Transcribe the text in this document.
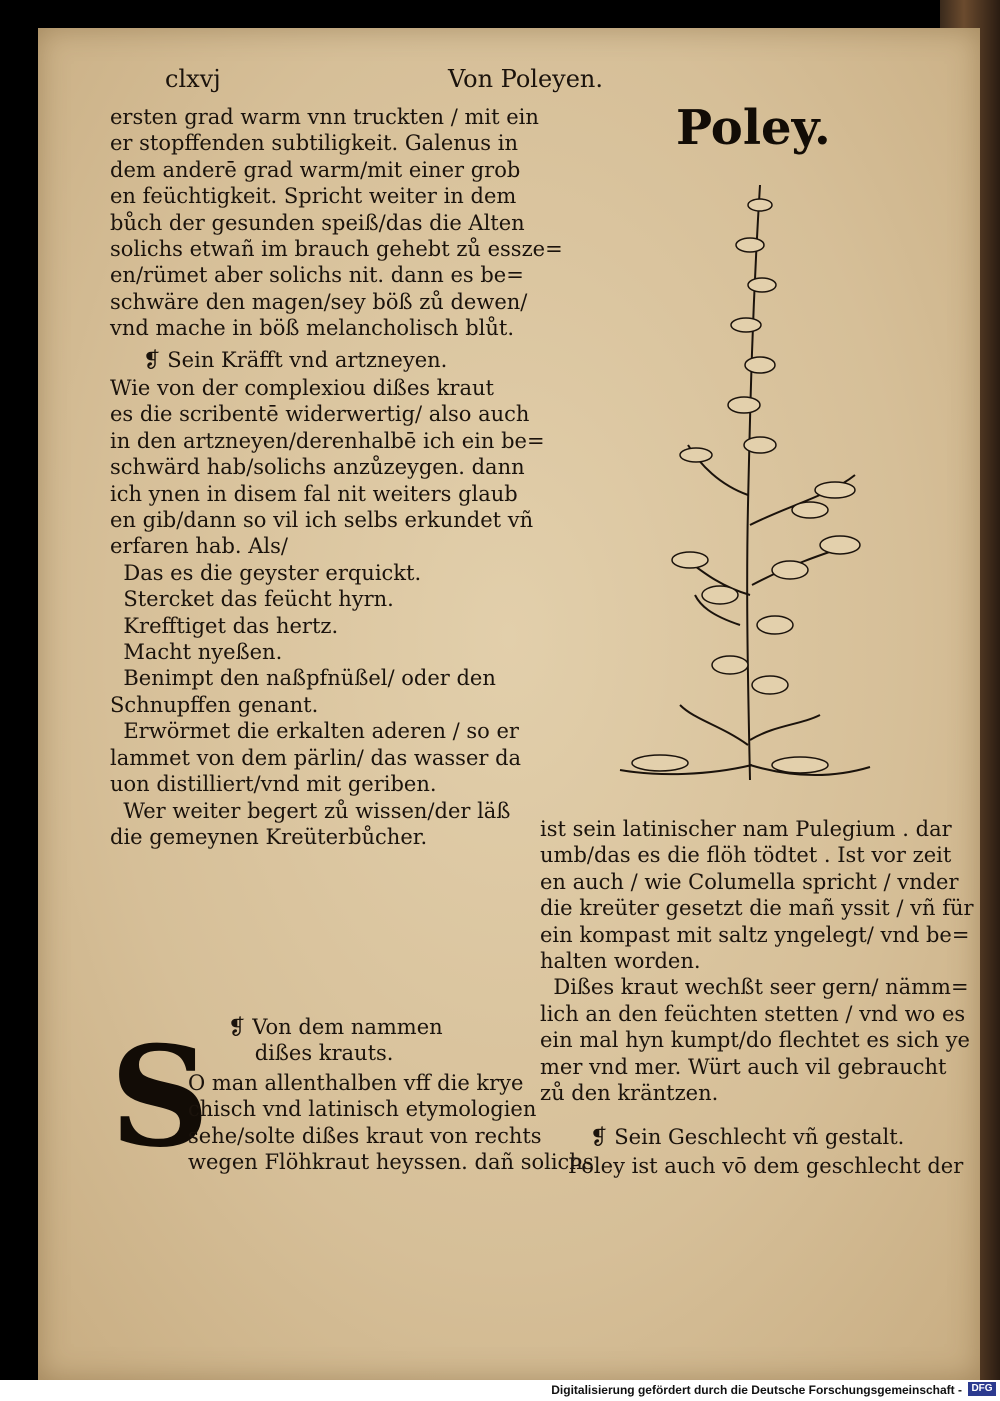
clxvj	Von Poleyen.
Poley.
ersten grad warm vnn truckten / mit ein
er stopffenden subtiligkeit. Galenus in
dem anderē grad warm/mit einer grob
en feüchtigkeit. Spricht weiter in dem
bůch der gesunden speiß/das die Alten
solichs etwañ im brauch gehebt zů essze=
en/rümet aber solichs nit. dann es be=
schwäre den magen/sey böß zů dewen/
vnd mache in böß melancholisch blůt.
❡ Sein Kräfft vnd artzneyen.
Wie von der complexiou dißes kraut
es die scribentē widerwertig/ also auch
in den artzneyen/derenhalbē ich ein be=
schwärd hab/solichs anzůzeygen. dann
ich ynen in disem fal nit weiters glaub
en gib/dann so vil ich selbs erkundet vñ
erfaren hab. Als/
Das es die geyster erquickt.
Stercket das feücht hyrn.
Krefftiget das hertz.
Macht nyeßen.
Benimpt den naßpfnüßel/ oder den
Schnupffen genant.
Erwörmet die erkalten aderen / so er
lammet von dem pärlin/ das wasser da
uon distilliert/vnd mit geriben.
Wer weiter begert zů wissen/der läß
die gemeynen Kreüterbůcher.
❡ Von dem nammen
dißes krauts.
S
O man allenthalben vff die krye
chisch vnd latinisch etymologien
sehe/solte dißes kraut von rechts
wegen Flöhkraut heyssen. dañ solichs
ist sein latinischer nam Pulegium . dar
umb/das es die flöh tödtet . Ist vor zeit
en auch / wie Columella spricht / vnder
die kreüter gesetzt die mañ yssit / vñ für
ein kompast mit saltz yngelegt/ vnd be=
halten worden.
Dißes kraut wechßt seer gern/ nämm=
lich an den feüchten stetten / vnd wo es
ein mal hyn kumpt/do flechtet es sich ye
mer vnd mer. Würt auch vil gebraucht
zů den kräntzen.
❡ Sein Geschlecht vñ gestalt.
Poley ist auch vō dem geschlecht der
Digitalisierung gefördert durch die Deutsche Forschungsgemeinschaft - DFG
